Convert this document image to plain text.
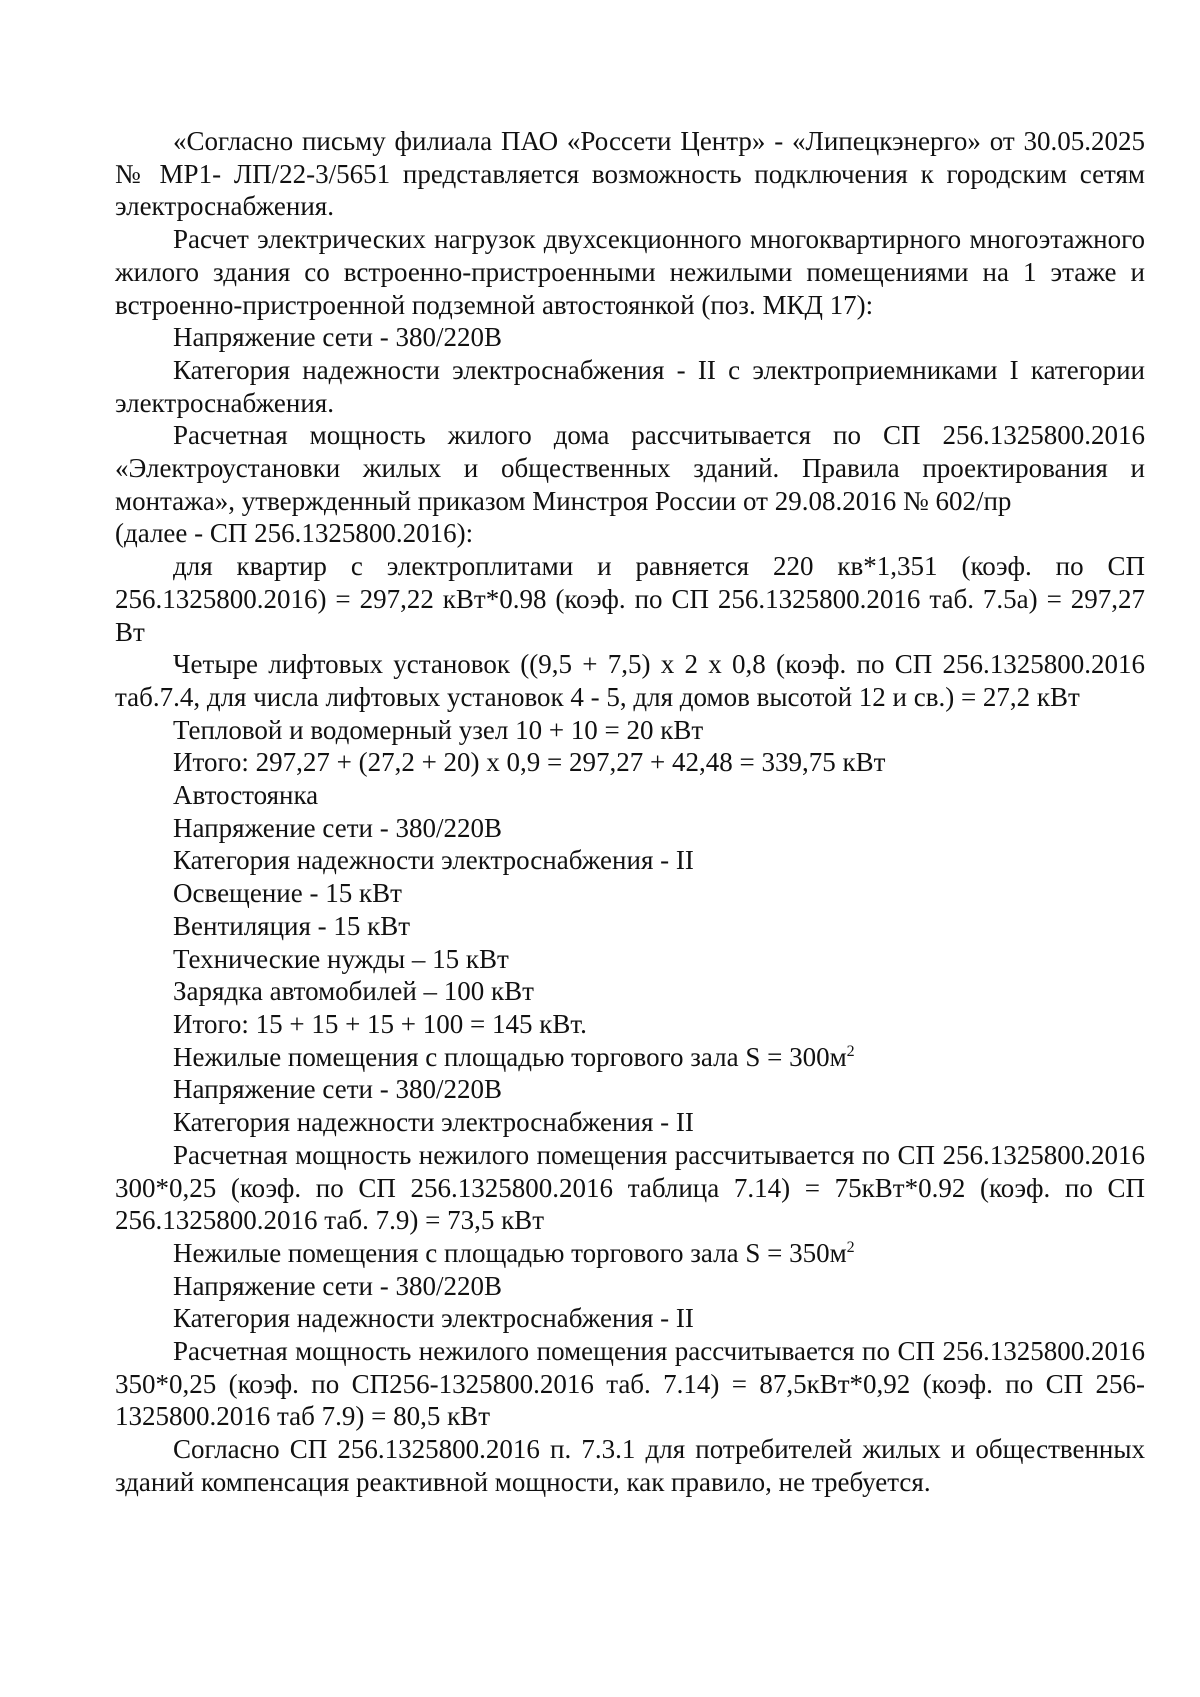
«Согласно письму филиала ПАО «Россети Центр» - «Липецкэнерго» от 30.05.2025 № МР1- ЛП/22-3/5651 представляется возможность подключения к городским сетям электроснабжения.

Расчет электрических нагрузок двухсекционного многоквартирного многоэтажного жилого здания со встроенно-пристроенными нежилыми помещениями на 1 этаже и встроенно-пристроенной подземной автостоянкой (поз. МКД 17):

Напряжение сети - 380/220В

Категория надежности электроснабжения - II с электроприемниками I категории электроснабжения.

Расчетная мощность жилого дома рассчитывается по СП 256.1325800.2016 «Электроустановки жилых и общественных зданий. Правила проектирования и монтажа», утвержденный приказом Минстроя России от 29.08.2016 № 602/пр

(далее - СП 256.1325800.2016):

для квартир с электроплитами и равняется 220 кв*1,351 (коэф. по СП 256.1325800.2016) = 297,22 кВт*0.98 (коэф. по СП 256.1325800.2016 таб. 7.5а) = 297,27 Вт

Четыре лифтовых установок ((9,5 + 7,5) х 2 х 0,8 (коэф. по СП 256.1325800.2016 таб.7.4, для числа лифтовых установок 4 - 5, для домов высотой 12 и св.) = 27,2 кВт

Тепловой и водомерный узел 10 + 10 = 20 кВт

Итого: 297,27 + (27,2 + 20) х 0,9 = 297,27 + 42,48 = 339,75 кВт

Автостоянка

Напряжение сети - 380/220В

Категория надежности электроснабжения - II

Освещение - 15 кВт

Вентиляция - 15 кВт

Технические нужды – 15 кВт

Зарядка автомобилей – 100 кВт

Итого: 15 + 15 + 15 + 100 = 145 кВт.

Нежилые помещения с площадью торгового зала $S = 300м^2$

Напряжение сети - 380/220В

Категория надежности электроснабжения - II

Расчетная мощность нежилого помещения рассчитывается по СП 256.1325800.2016 300*0,25 (коэф. по СП 256.1325800.2016 таблица 7.14) = 75кВт*0.92 (коэф. по СП 256.1325800.2016 таб. 7.9) = 73,5 кВт

Нежилые помещения с площадью торгового зала $S = 350м^2$

Напряжение сети - 380/220В

Категория надежности электроснабжения - II

Расчетная мощность нежилого помещения рассчитывается по СП 256.1325800.2016 350*0,25 (коэф. по СП256-1325800.2016 таб. 7.14) = 87,5кВт*0,92 (коэф. по СП 256-1325800.2016 таб 7.9) = 80,5 кВт

Согласно СП 256.1325800.2016 п. 7.3.1 для потребителей жилых и общественных зданий компенсация реактивной мощности, как правило, не требуется.
